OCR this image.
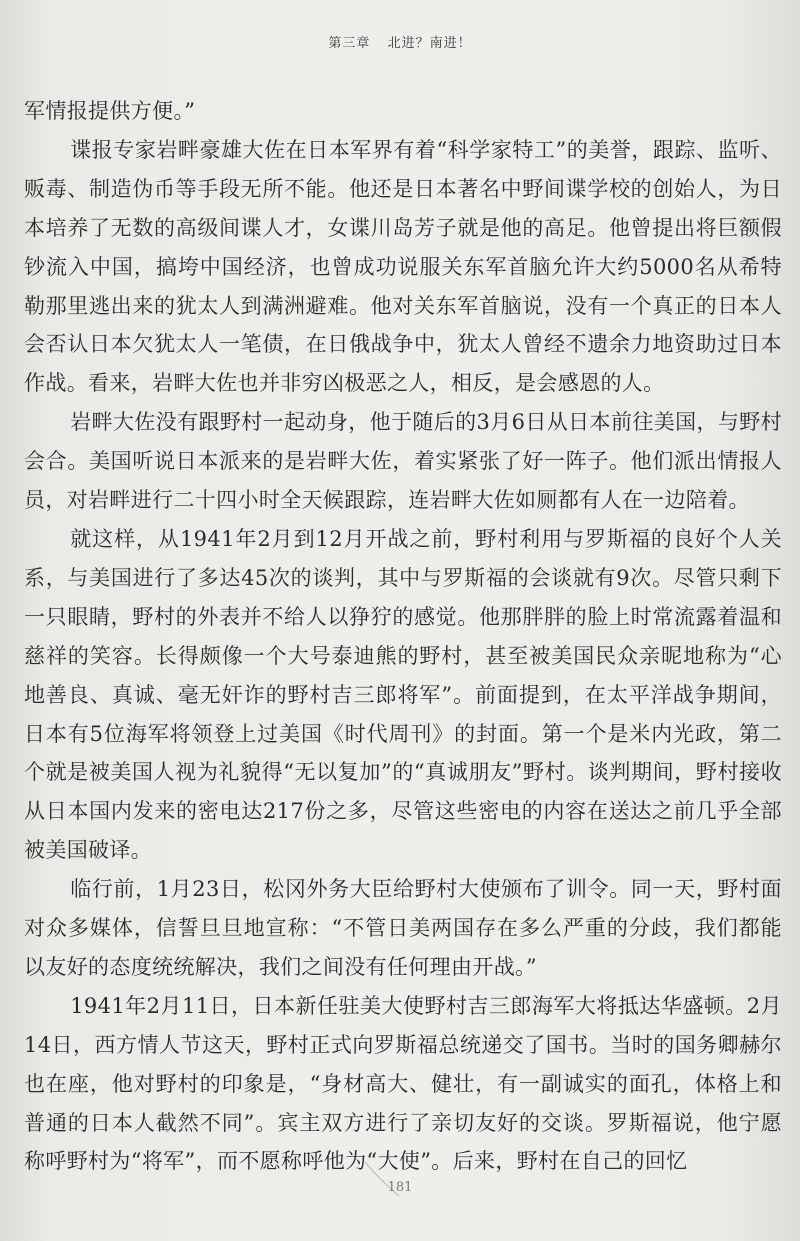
第三章 北进？南进！

军情报提供方便。”

谍报专家岩畔豪雄大佐在日本军界有着“科学家特工”的美誉，跟踪、监听、贩毒、制造伪币等手段无所不能。他还是日本著名中野间谍学校的创始人，为日本培养了无数的高级间谍人才，女谍川岛芳子就是他的高足。他曾提出将巨额假钞流入中国，搞垮中国经济，也曾成功说服关东军首脑允许大约5000名从希特勒那里逃出来的犹太人到满洲避难。他对关东军首脑说，没有一个真正的日本人会否认日本欠犹太人一笔债，在日俄战争中，犹太人曾经不遗余力地资助过日本作战。看来，岩畔大佐也并非穷凶极恶之人，相反，是会感恩的人。

岩畔大佐没有跟野村一起动身，他于随后的3月6日从日本前往美国，与野村会合。美国听说日本派来的是岩畔大佐，着实紧张了好一阵子。他们派出情报人员，对岩畔进行二十四小时全天候跟踪，连岩畔大佐如厕都有人在一边陪着。

就这样，从1941年2月到12月开战之前，野村利用与罗斯福的良好个人关系，与美国进行了多达45次的谈判，其中与罗斯福的会谈就有9次。尽管只剩下一只眼睛，野村的外表并不给人以狰狞的感觉。他那胖胖的脸上时常流露着温和慈祥的笑容。长得颇像一个大号泰迪熊的野村，甚至被美国民众亲昵地称为“心地善良、真诚、毫无奸诈的野村吉三郎将军”。前面提到，在太平洋战争期间，日本有5位海军将领登上过美国《时代周刊》的封面。第一个是米内光政，第二个就是被美国人视为礼貌得“无以复加”的“真诚朋友”野村。谈判期间，野村接收从日本国内发来的密电达217份之多，尽管这些密电的内容在送达之前几乎全部被美国破译。

临行前，1月23日，松冈外务大臣给野村大使颁布了训令。同一天，野村面对众多媒体，信誓旦旦地宣称：“不管日美两国存在多么严重的分歧，我们都能以友好的态度统统解决，我们之间没有任何理由开战。”

1941年2月11日，日本新任驻美大使野村吉三郎海军大将抵达华盛顿。2月14日，西方情人节这天，野村正式向罗斯福总统递交了国书。当时的国务卿赫尔也在座，他对野村的印象是，“身材高大、健壮，有一副诚实的面孔，体格上和普通的日本人截然不同”。宾主双方进行了亲切友好的交谈。罗斯福说，他宁愿称呼野村为“将军”，而不愿称呼他为“大使”。后来，野村在自己的回忆

181
